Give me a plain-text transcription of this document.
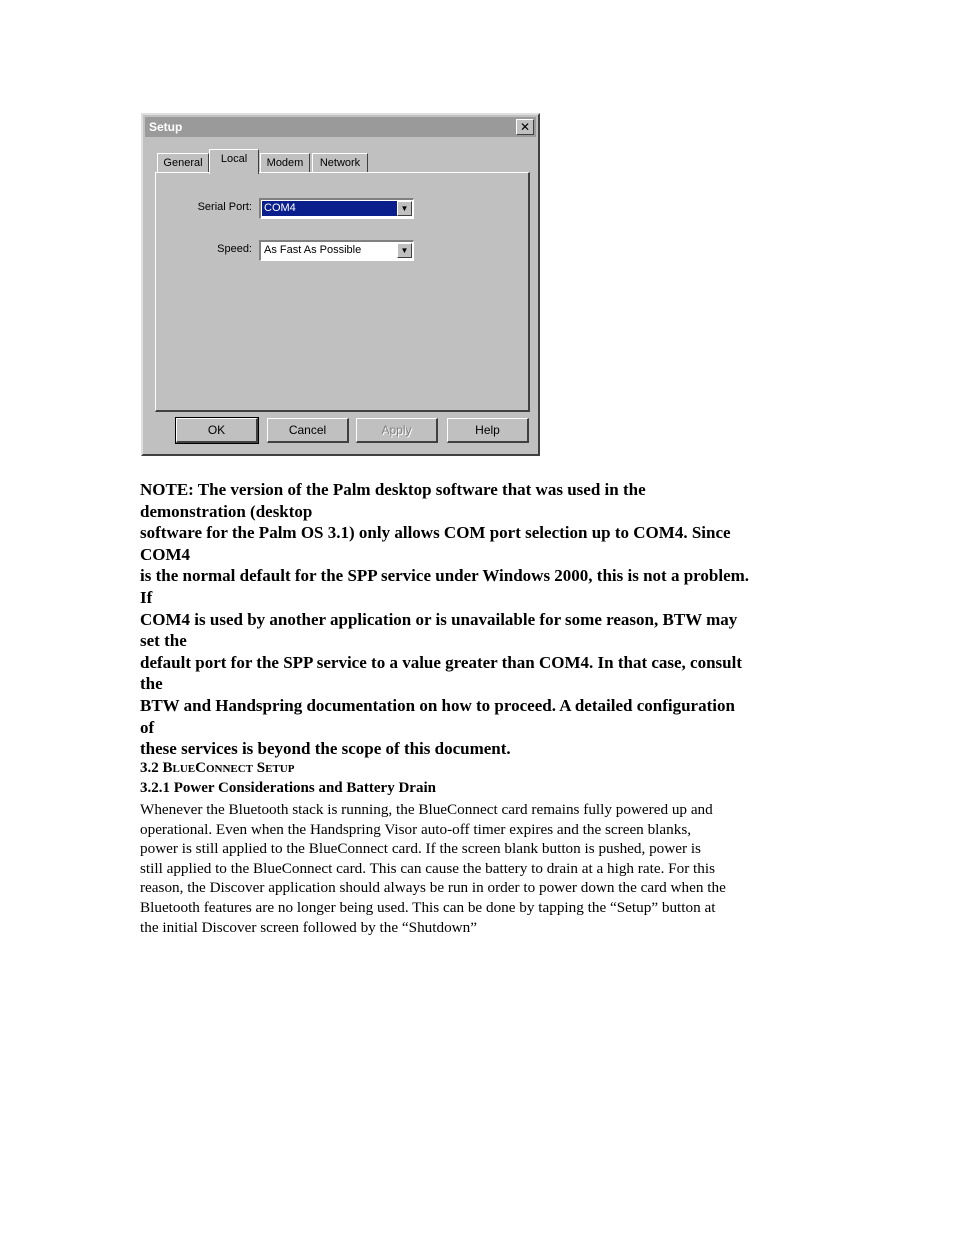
Setup	✕
General	Local	Modem	Network
Serial Port: COM4	▼
Speed: As Fast As Possible	▼
OK	Cancel	Apply	Help
NOTE: The version of the Palm desktop software that was used in the
demonstration (desktop
software for the Palm OS 3.1) only allows COM port selection up to COM4. Since
COM4
is the normal default for the SPP service under Windows 2000, this is not a problem.
If
COM4 is used by another application or is unavailable for some reason, BTW may
set the
default port for the SPP service to a value greater than COM4. In that case, consult
the
BTW and Handspring documentation on how to proceed. A detailed configuration
of
these services is beyond the scope of this document.
3.2 BlueConnect Setup
3.2.1 Power Considerations and Battery Drain
Whenever the Bluetooth stack is running, the BlueConnect card remains fully powered up and
operational. Even when the Handspring Visor auto-off timer expires and the screen blanks,
power is still applied to the BlueConnect card. If the screen blank button is pushed, power is
still applied to the BlueConnect card. This can cause the battery to drain at a high rate. For this
reason, the Discover application should always be run in order to power down the card when the
Bluetooth features are no longer being used. This can be done by tapping the “Setup” button at
the initial Discover screen followed by the “Shutdown”
